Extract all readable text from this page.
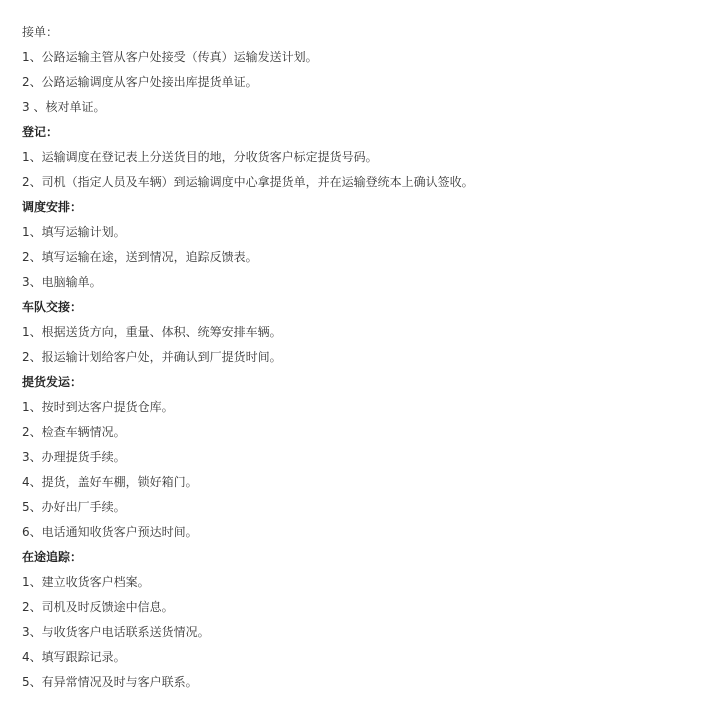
接单：
1、公路运输主管从客户处接受（传真）运输发送计划。
2、公路运输调度从客户处接出库提货单证。
3 、核对单证。
登记：
1、运输调度在登记表上分送货目的地，分收货客户标定提货号码。
2、司机（指定人员及车辆）到运输调度中心拿提货单，并在运输登统本上确认签收。
调度安排：
1、填写运输计划。
2、填写运输在途，送到情况，追踪反馈表。
3、电脑输单。
车队交接：
1、根据送货方向，重量、体积、统筹安排车辆。
2、报运输计划给客户处，并确认到厂提货时间。
提货发运：
1、按时到达客户提货仓库。
2、检查车辆情况。
3、办理提货手续。
4、提货，盖好车棚，锁好箱门。
5、办好出厂手续。
6、电话通知收货客户预达时间。
在途追踪：
1、建立收货客户档案。
2、司机及时反馈途中信息。
3、与收货客户电话联系送货情况。
4、填写跟踪记录。
5、有异常情况及时与客户联系。
